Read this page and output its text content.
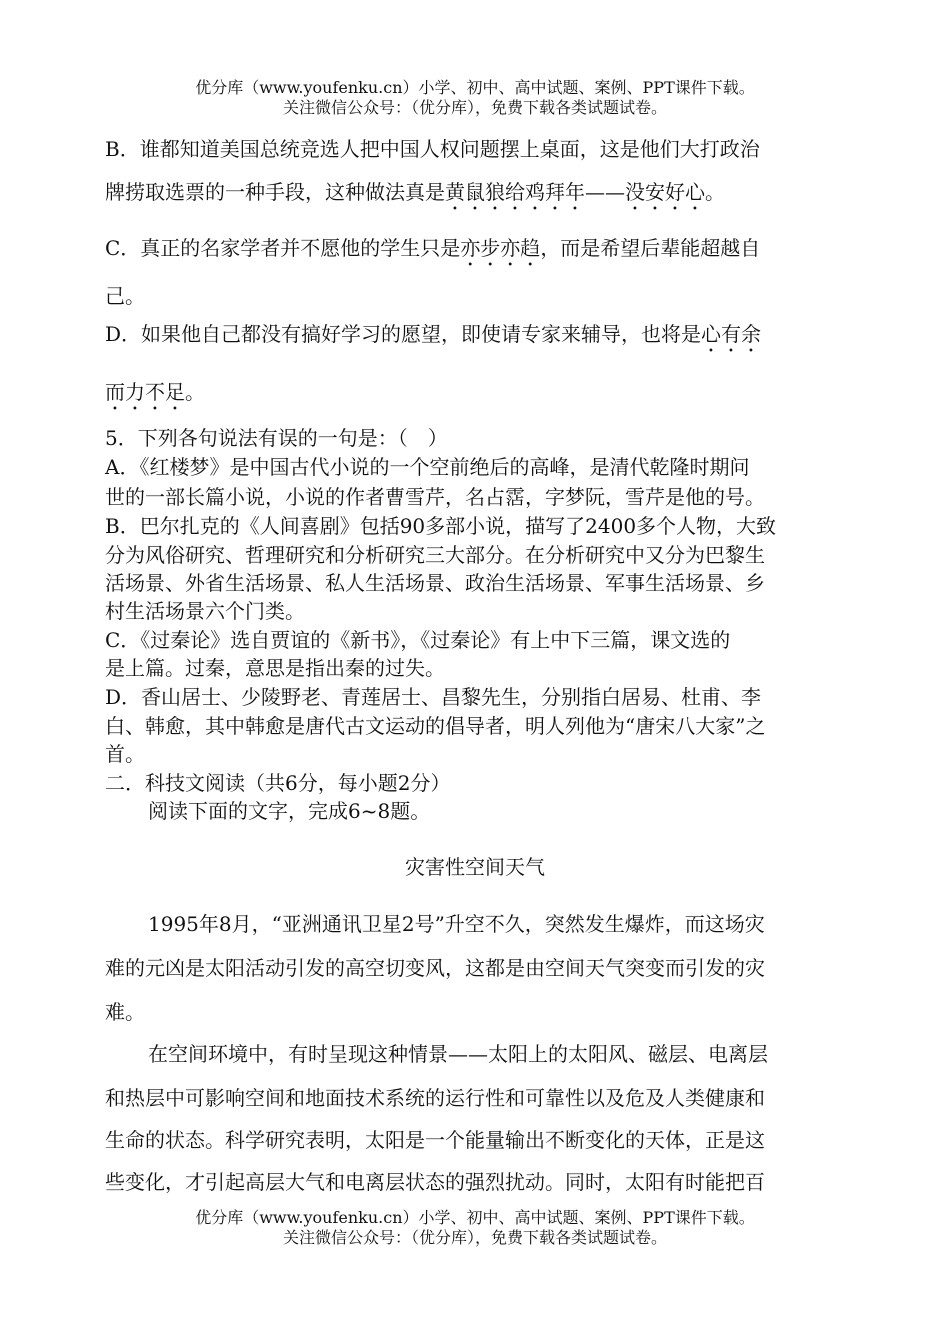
优分库（www.youfenku.cn）小学、初中、高中试题、案例、PPT课件下载。
关注微信公众号：（优分库），免费下载各类试题试卷。
B．谁都知道美国总统竞选人把中国人权问题摆上桌面，这是他们大打政治
牌捞取选票的一种手段，这种做法真是黄鼠狼给鸡拜年——没安好心。
C．真正的名家学者并不愿他的学生只是亦步亦趋，而是希望后辈能超越自
己。
D．如果他自己都没有搞好学习的愿望，即使请专家来辅导，也将是心有余
而力不足。
5．下列各句说法有误的一句是：（　）
A．《红楼梦》是中国古代小说的一个空前绝后的高峰，是清代乾隆时期问
世的一部长篇小说，小说的作者曹雪芹，名占霑，字梦阮，雪芹是他的号。
B．巴尔扎克的《人间喜剧》包括90多部小说，描写了2400多个人物，大致
分为风俗研究、哲理研究和分析研究三大部分。在分析研究中又分为巴黎生
活场景、外省生活场景、私人生活场景、政治生活场景、军事生活场景、乡
村生活场景六个门类。
C．《过秦论》选自贾谊的《新书》，《过秦论》有上中下三篇，课文选的
是上篇。过秦，意思是指出秦的过失。
D．香山居士、少陵野老、青莲居士、昌黎先生，分别指白居易、杜甫、李
白、韩愈，其中韩愈是唐代古文运动的倡导者，明人列他为“唐宋八大家”之
首。
二．科技文阅读（共6分，每小题2分）
阅读下面的文字，完成6~8题。
灾害性空间天气
1995年8月，“亚洲通讯卫星2号”升空不久，突然发生爆炸，而这场灾
难的元凶是太阳活动引发的高空切变风，这都是由空间天气突变而引发的灾
难。
在空间环境中，有时呈现这种情景——太阳上的太阳风、磁层、电离层
和热层中可影响空间和地面技术系统的运行性和可靠性以及危及人类健康和
生命的状态。科学研究表明，太阳是一个能量输出不断变化的天体，正是这
些变化，才引起高层大气和电离层状态的强烈扰动。同时，太阳有时能把百
优分库（www.youfenku.cn）小学、初中、高中试题、案例、PPT课件下载。
关注微信公众号：（优分库），免费下载各类试题试卷。
